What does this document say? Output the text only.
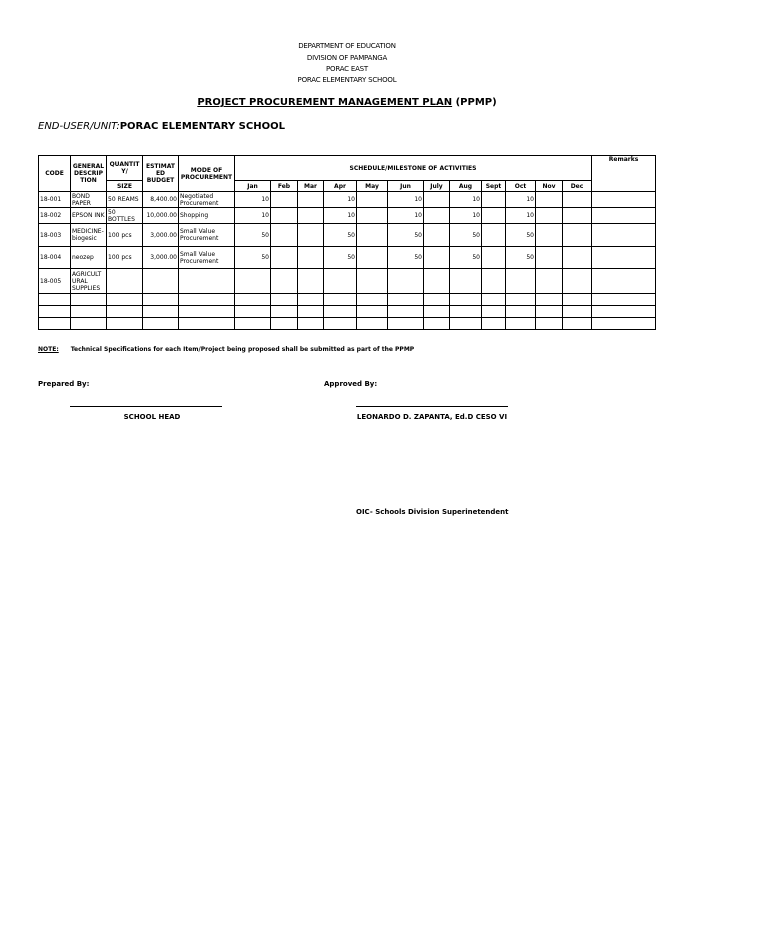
DEPARTMENT OF EDUCATION
DIVISION OF PAMPANGA
PORAC EAST
PORAC ELEMENTARY SCHOOL
PROJECT PROCUREMENT MANAGEMENT PLAN (PPMP)
END-USER/UNIT:PORAC ELEMENTARY SCHOOL
CODE	GENERAL DESCRIP TION	QUANTIT Y/	ESTIMAT ED BUDGET	MODE OF PROCUREMENT	SCHEDULE/MILESTONE OF ACTIVITIES												Remarks
		SIZE			Jan	Feb	Mar	Apr	May	Jun	July	Aug	Sept	Oct	Nov	Dec	
18-001	BOND PAPER	50 REAMS	8,400.00	Negotiated Procurement	10			10		10		10		10			
18-002	EPSON INK	50 BOTTLES	10,000.00	Shopping	10			10		10		10		10			
18-003	MEDICINE-biogesic	100 pcs	3,000.00	Small Value Procurement	50			50		50		50		50			
18-004	neozep	100 pcs	3,000.00	Small Value Procurement	50			50		50		50		50			
18-005	AGRICULT URAL SUPPLIES																

NOTE: Technical Specifications for each Item/Project being proposed shall be submitted as part of the PPMP
Prepared By:	Approved By:
SCHOOL HEAD	LEONARDO D. ZAPANTA, Ed.D CESO VI
OIC- Schools Division Superinetendent
